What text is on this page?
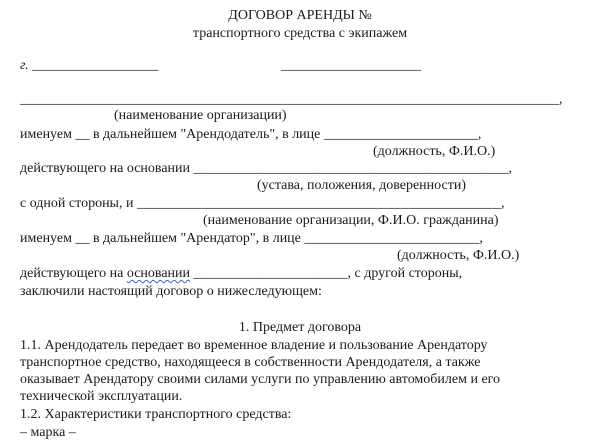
ДОГОВОР АРЕНДЫ №
транспортного средства с экипажем
г. __________________	____________________
_____________________________________________________________________________,
(наименование организации)
именуем __ в дальнейшем "Арендодатель", в лице ______________________,
(должность, Ф.И.О.)
действующего на основании _____________________________________________,
(устава, положения, доверенности)
с одной стороны, и ____________________________________________________,
(наименование организации, Ф.И.О. гражданина)
именуем __ в дальнейшем "Арендатор", в лице _________________________,
(должность, Ф.И.О.)
действующего на основании ______________________, с другой стороны,
заключили настоящий договор о нижеследующем:
1. Предмет договора
1.1. Арендодатель передает во временное владение и пользование Арендатору
транспортное средство, находящееся в собственности Арендодателя, а также
оказывает Арендатору своими силами услуги по управлению автомобилем и его
технической эксплуатации.
1.2. Характеристики транспортного средства:
– марка –
